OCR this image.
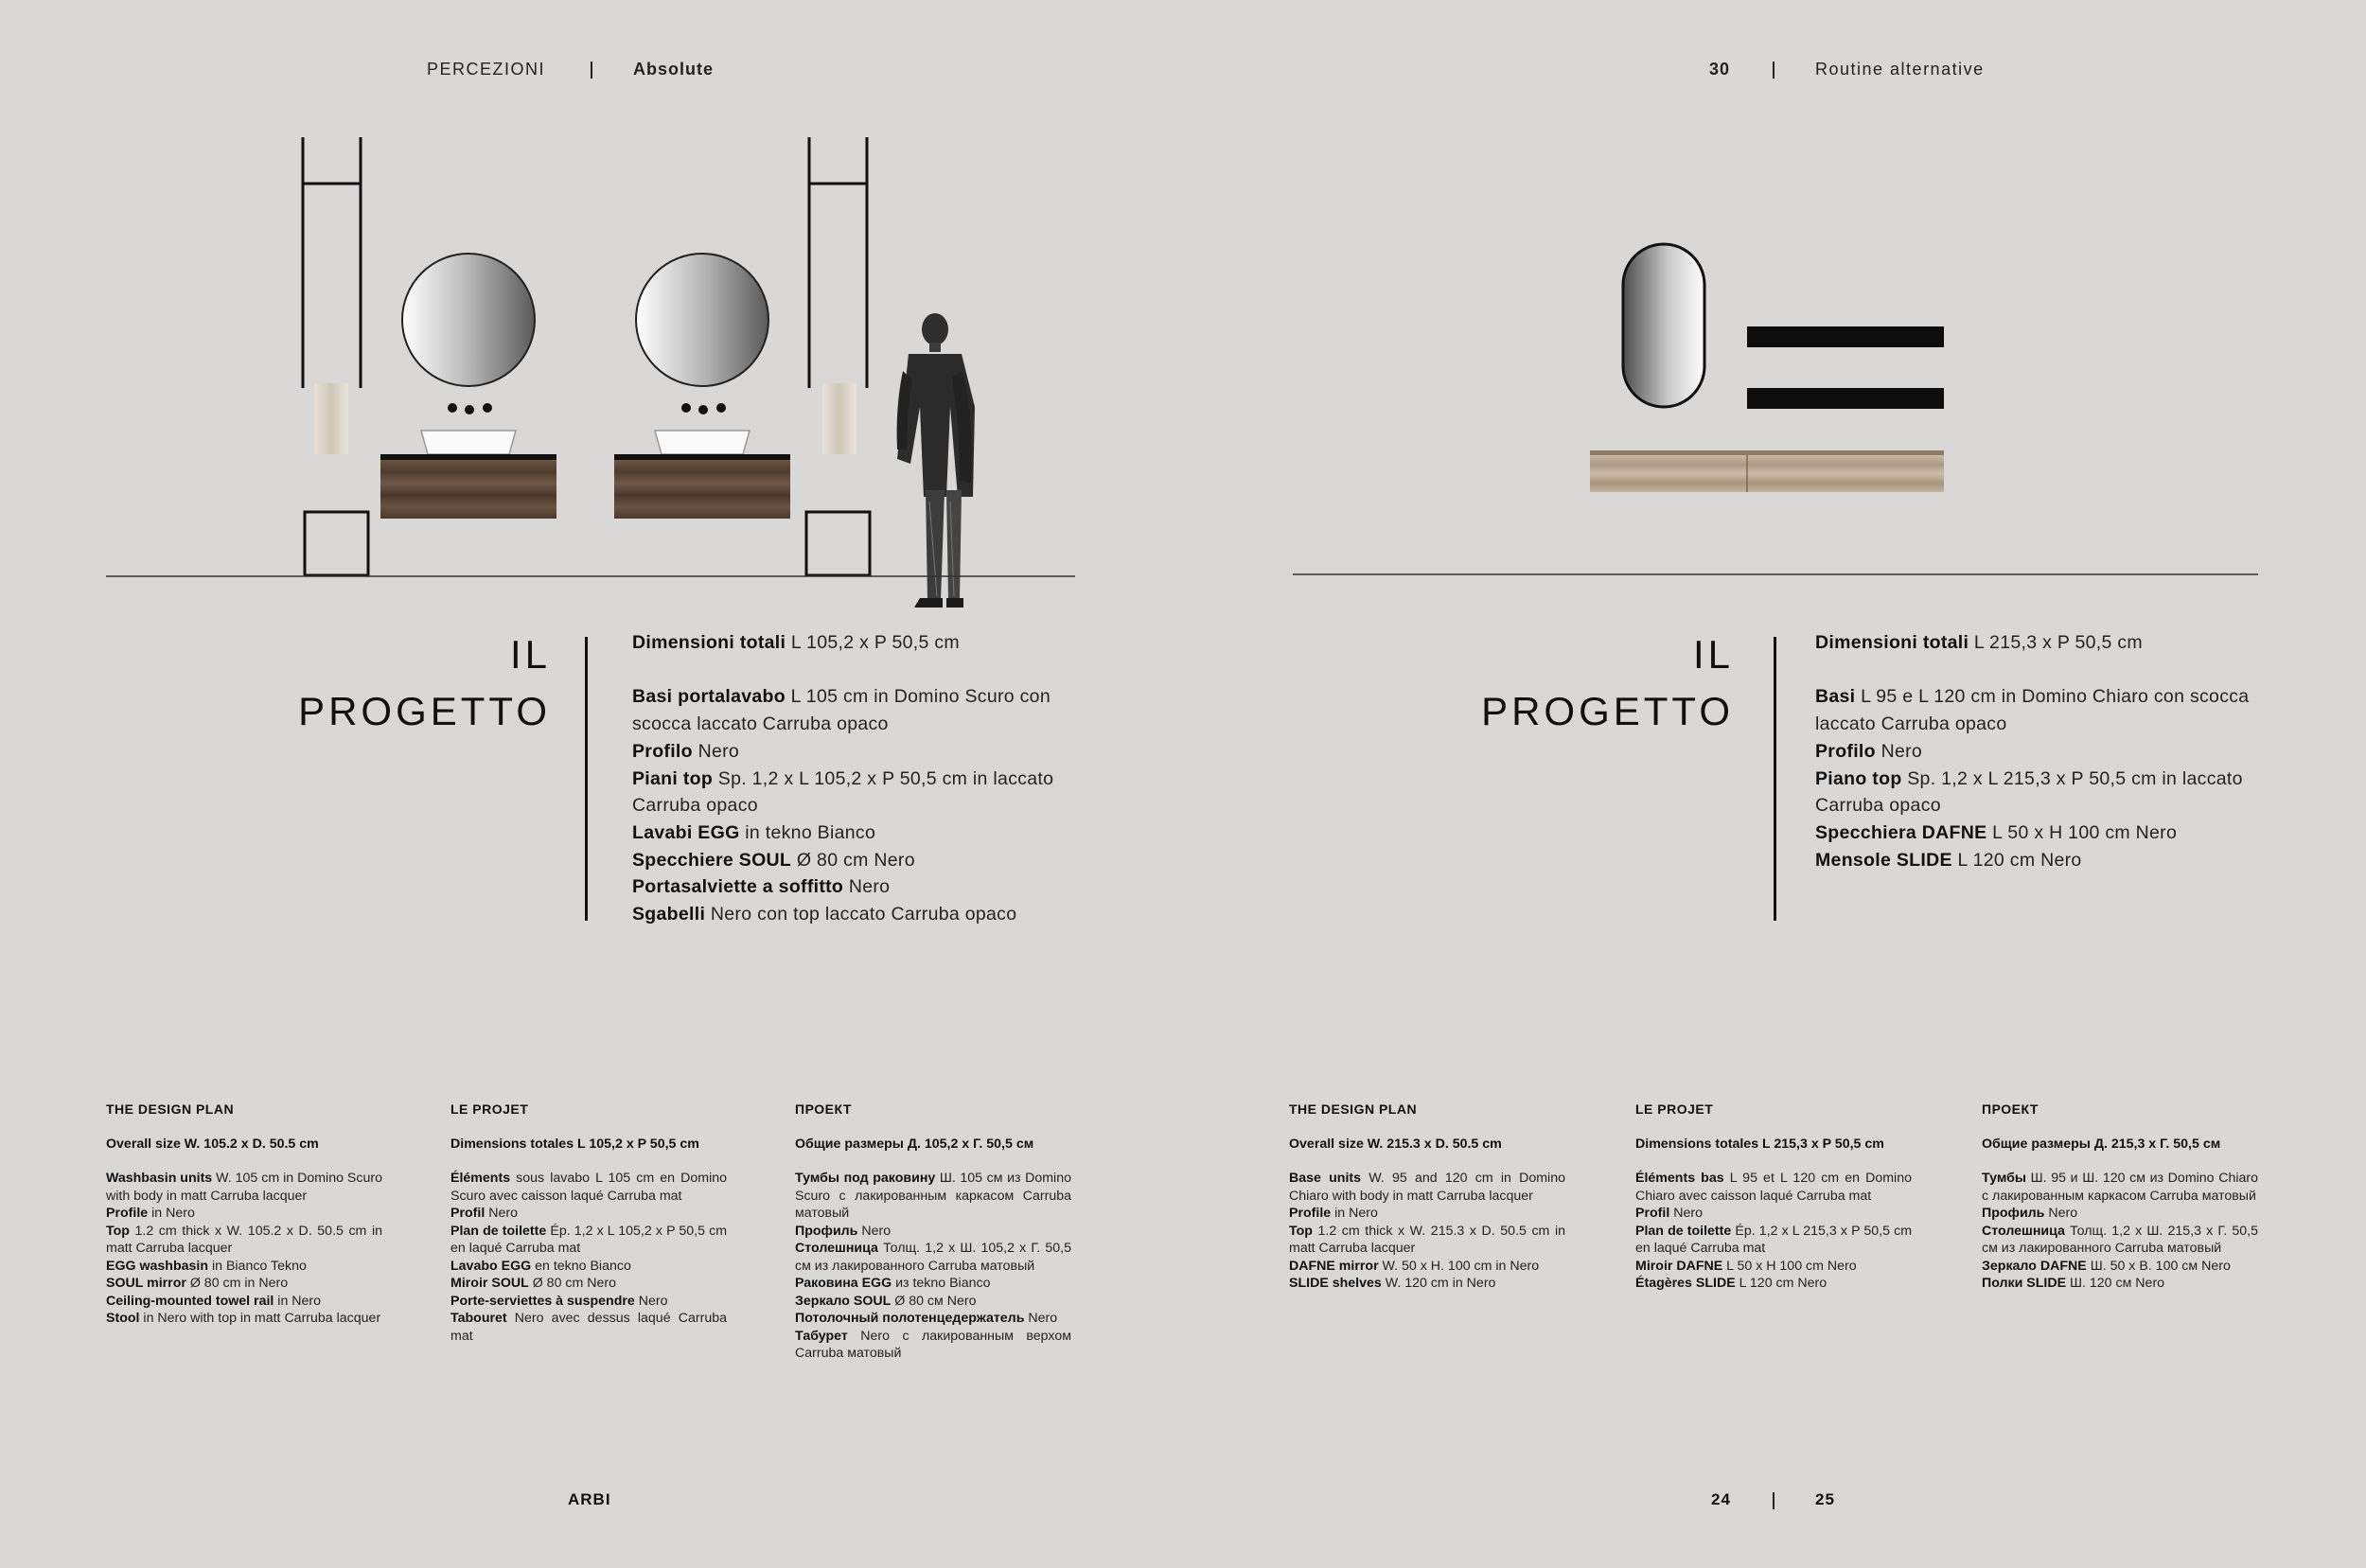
PERCEZIONI	Absolute	30	Routine alternative
IL
PROGETTO

Dimensioni totali L 105,2 x P 50,5 cm

Basi portalavabo L 105 cm in Domino Scuro con scocca laccato Carruba opaco

Profilo Nero

Piani top Sp. 1,2 x L 105,2 x P 50,5 cm in laccato Carruba opaco

Lavabi EGG in tekno Bianco

Specchiere SOUL Ø 80 cm Nero

Portasalviette a soffitto Nero

Sgabelli Nero con top laccato Carruba opaco

IL
PROGETTO

Dimensioni totali L 215,3 x P 50,5 cm

Basi L 95 e L 120 cm in Domino Chiaro con scocca laccato Carruba opaco

Profilo Nero

Piano top Sp. 1,2 x L 215,3 x P 50,5 cm in laccato Carruba opaco

Specchiera DAFNE L 50 x H 100 cm Nero

Mensole SLIDE L 120 cm Nero

THE DESIGN PLAN
Overall size W. 105.2 x D. 50.5 cm

Washbasin units W. 105 cm in Domino Scuro with body in matt Carruba lacquer

Profile in Nero

Top 1.2 cm thick x W. 105.2 x D. 50.5 cm in matt Carruba lacquer

EGG washbasin in Bianco Tekno

SOUL mirror Ø 80 cm in Nero

Ceiling-mounted towel rail in Nero

Stool in Nero with top in matt Carruba lacquer

LE PROJET
Dimensions totales L 105,2 x P 50,5 cm

Éléments sous lavabo L 105 cm en Domino Scuro avec caisson laqué Carruba mat

Profil Nero

Plan de toilette Ép. 1,2 x L 105,2 x P 50,5 cm en laqué Carruba mat

Lavabo EGG en tekno Bianco

Miroir SOUL Ø 80 cm Nero

Porte-serviettes à suspendre Nero

Tabouret Nero avec dessus laqué Carruba mat

ПРОЕКТ
Общие размеры Д. 105,2 x Г. 50,5 см

Тумбы под раковину Ш. 105 см из Domino Scuro с лакированным каркасом Carruba матовый

Профиль Nero

Столешница Толщ. 1,2 x Ш. 105,2 x Г. 50,5 см из лакированного Carruba матовый

Раковина EGG из tekno Bianco

Зеркало SOUL Ø 80 см Nero

Потолочный полотенцедержатель Nero

Табурет Nero с лакированным верхом Carruba матовый

THE DESIGN PLAN
Overall size W. 215.3 x D. 50.5 cm

Base units W. 95 and 120 cm in Domino Chiaro with body in matt Carruba lacquer

Profile in Nero

Top 1.2 cm thick x W. 215.3 x D. 50.5 cm in matt Carruba lacquer

DAFNE mirror W. 50 x H. 100 cm in Nero

SLIDE shelves W. 120 cm in Nero

LE PROJET
Dimensions totales L 215,3 x P 50,5 cm

Éléments bas L 95 et L 120 cm en Domino Chiaro avec caisson laqué Carruba mat

Profil Nero

Plan de toilette Ép. 1,2 x L 215,3 x P 50,5 cm en laqué Carruba mat

Miroir DAFNE L 50 x H 100 cm Nero

Étagères SLIDE L 120 cm Nero

ПРОЕКТ
Общие размеры Д. 215,3 x Г. 50,5 см

Тумбы Ш. 95 и Ш. 120 см из Domino Chiaro с лакированным каркасом Carruba матовый

Профиль Nero

Столешница Толщ. 1,2 x Ш. 215,3 x Г. 50,5 см из лакированного Carruba матовый

Зеркало DAFNE Ш. 50 x В. 100 см Nero

Полки SLIDE Ш. 120 см Nero

ARBI	24	25
